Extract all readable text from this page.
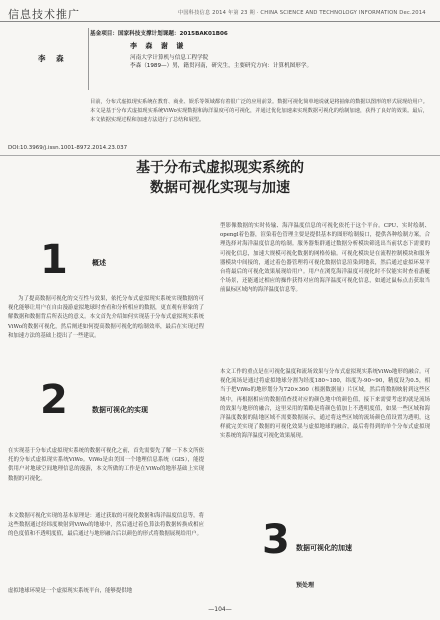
信息技术推广	中国科技信息 2014 年第 23 期 · CHINA SCIENCE AND TECHNOLOGY INFORMATION Dec.2014
李 森
基金项目：国家科技支撑计划课题：2015BAK01B06
李 森 谢 谦
河南大学计算机与信息工程学院
李森（1989—）男，籍贯河南，研究生，主要研究方向：计算机图形学。
目前，分布式虚拟现实系统在教育、商业、娱乐等领域都有着很广泛的应用前景。数据可视化简单地说就是将抽象的数据以图形的形式展现给用户。本文是基于分布式虚拟现实系统ViWo实现数据和海洋温度可的可视化，并通过优化加速来实现数据可视化的绘制加速，获得了良好的效果。最后，本文依据实现过程和加速方法进行了总结和展望。
DOI:10.3969/j.issn.1001-8972.2014.23.037
基于分布式虚拟现实系统的
数据可视化实现与加速
1	概述
为了提高数据可视化的交互性与效果，依托分布式虚拟现实系统实现数据的可视化能够让用户在自由漫游虚拟地球时查看和分析相应的数据，更直观有形象的了解数据和数据背后所表达的意义。本文首先介绍如何实现基于分布式虚拟现实系统ViWo的数据可视化，然后阐述如何提高数据可视化的绘制效率，最后在实现过程和加速方法的基础上提出了一些建议。
2	数据可视化的实现
在实现基于分布式虚拟现实系统的数据可视化之前，首先需要先了解一下本文所依托的分布式虚拟现实系统ViWo。ViWo是由美国一个地理信息系统（GIS），能提供用户对地球空间地理信息的漫游，本文所做的工作是在ViWo的地形基础上实现数据的可视化。
本文数据可视化实现的基本原理是：通过获取的可视化数据和海洋温度信息等，将这些数据通过经纬度映射到ViWo的地球中，然后通过着色算法将数据转换成相应的色度值和不透明度值，最后通过与地形融合后以颜色的形式将数据展现给用户。
虚拟地球环境是一个虚拟现实系统平台，能够提供地
型影像数据的实时传输、海洋温度信息的可视化依托于这个平台。CPU、实时绘制、opengl着色器，渲染着色管理主要是提供基本的图形绘制接口，提供各种绘制方案，合理选择对海洋温度信息的绘制。服务器集群通过数据分析模块筛选出当前状态下需要的可视化信息，加速大规模可视化数据的网格传输。可视化模块是在流程控制模块和服务器模块中间接的，通过着色器管理将可视化数据信息渲染到地表，然后通过虚拟环境平台将最后的可视化效果展现给用户。用户在浏览海洋温度可视化时不仅能实时查看游艇个场景，还能通过相应的操作获得对应的海洋温度可视化信息，如通过鼠标点击获取当前鼠标区域内的海洋温度信息等。
本文工作的重点是在可视化温度和流场效果与分布式虚拟现实系统ViWo地形的融合。可视化流场是通过将虚拟地球分割为经度180~180，纬度为-90~90，精度设为0.5，相当于把ViWo的地形划分为720×360（根据数据量）片区域，然后将数据映射到这些区域中，再根据相应的数据值查找对应的颜色地中的颜色值，接下来需要考虑的就是流场的效果与地形的融合，这里采用的策略是将颜色值加上不透明度值，如果一些区域和海洋温度数据的陆地区域不需要数据展示，通过将这些区域的流场颜色值设置为透明，这样就完美实现了数据的可视化效果与虚拟地球的融合，最后将得到的单个分布式虚拟现实系统的海洋温度可视化效果展现。
3 数据可视化的加速
预处理
—104—
